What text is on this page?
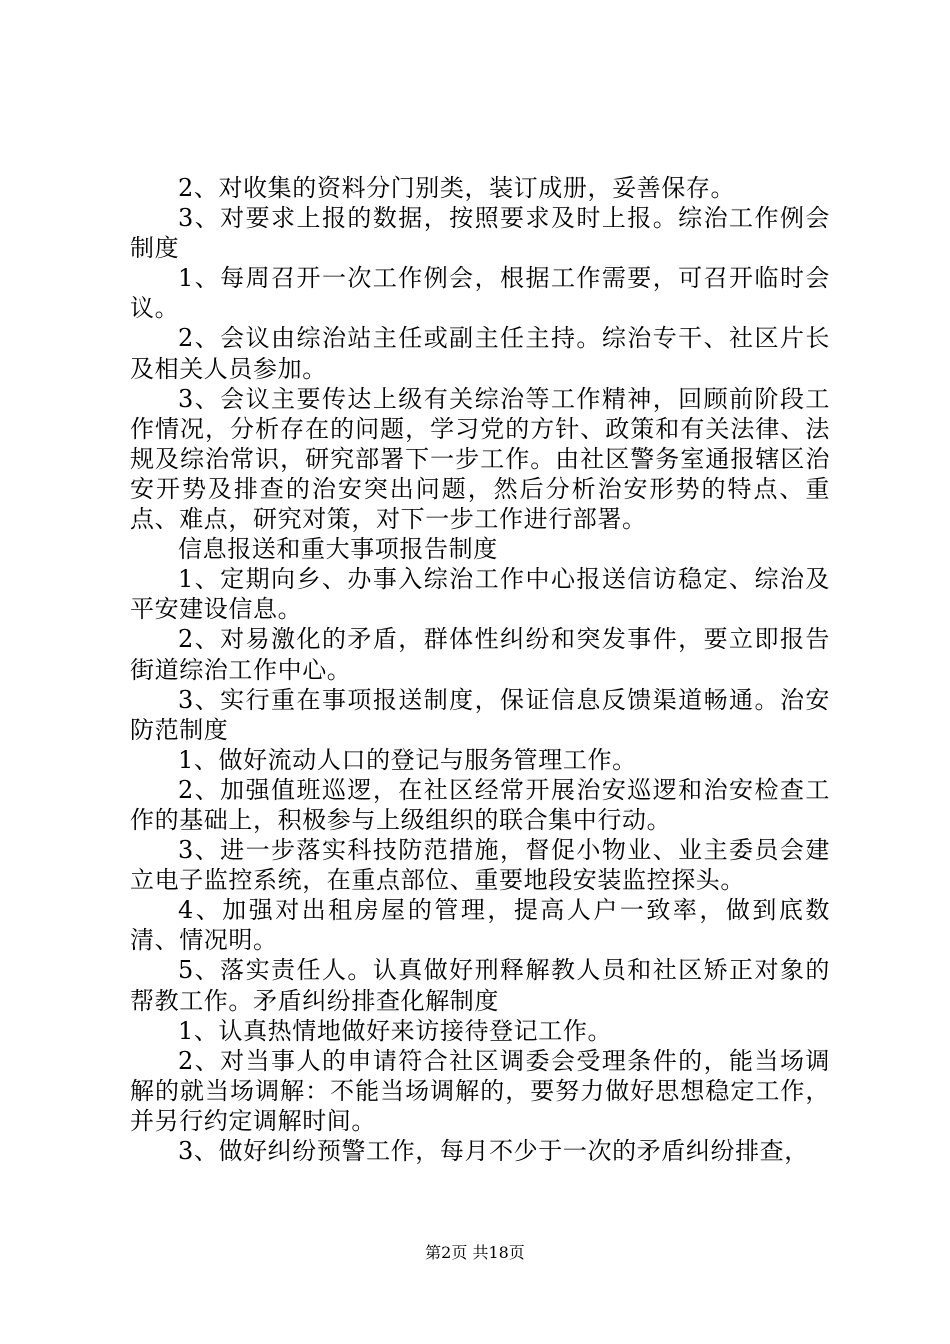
2、对收集的资料分门别类，装订成册，妥善保存。

3、对要求上报的数据，按照要求及时上报。综治工作例会制度

1、每周召开一次工作例会，根据工作需要，可召开临时会议。

2、会议由综治站主任或副主任主持。综治专干、社区片长及相关人员参加。

3、会议主要传达上级有关综治等工作精神，回顾前阶段工作情况，分析存在的问题，学习党的方针、政策和有关法律、法规及综治常识，研究部署下一步工作。由社区警务室通报辖区治安开势及排查的治安突出问题，然后分析治安形势的特点、重点、难点，研究对策，对下一步工作进行部署。

信息报送和重大事项报告制度

1、定期向乡、办事入综治工作中心报送信访稳定、综治及平安建设信息。

2、对易激化的矛盾，群体性纠纷和突发事件，要立即报告街道综治工作中心。

3、实行重在事项报送制度，保证信息反馈渠道畅通。治安防范制度

1、做好流动人口的登记与服务管理工作。

2、加强值班巡逻，在社区经常开展治安巡逻和治安检查工作的基础上，积极参与上级组织的联合集中行动。

3、进一步落实科技防范措施，督促小物业、业主委员会建立电子监控系统，在重点部位、重要地段安装监控探头。

4、加强对出租房屋的管理，提高人户一致率，做到底数清、情况明。

5、落实责任人。认真做好刑释解教人员和社区矫正对象的帮教工作。矛盾纠纷排查化解制度

1、认真热情地做好来访接待登记工作。

2、对当事人的申请符合社区调委会受理条件的，能当场调解的就当场调解：不能当场调解的，要努力做好思想稳定工作，并另行约定调解时间。

3、做好纠纷预警工作，每月不少于一次的矛盾纠纷排查，

第2页 共18页
